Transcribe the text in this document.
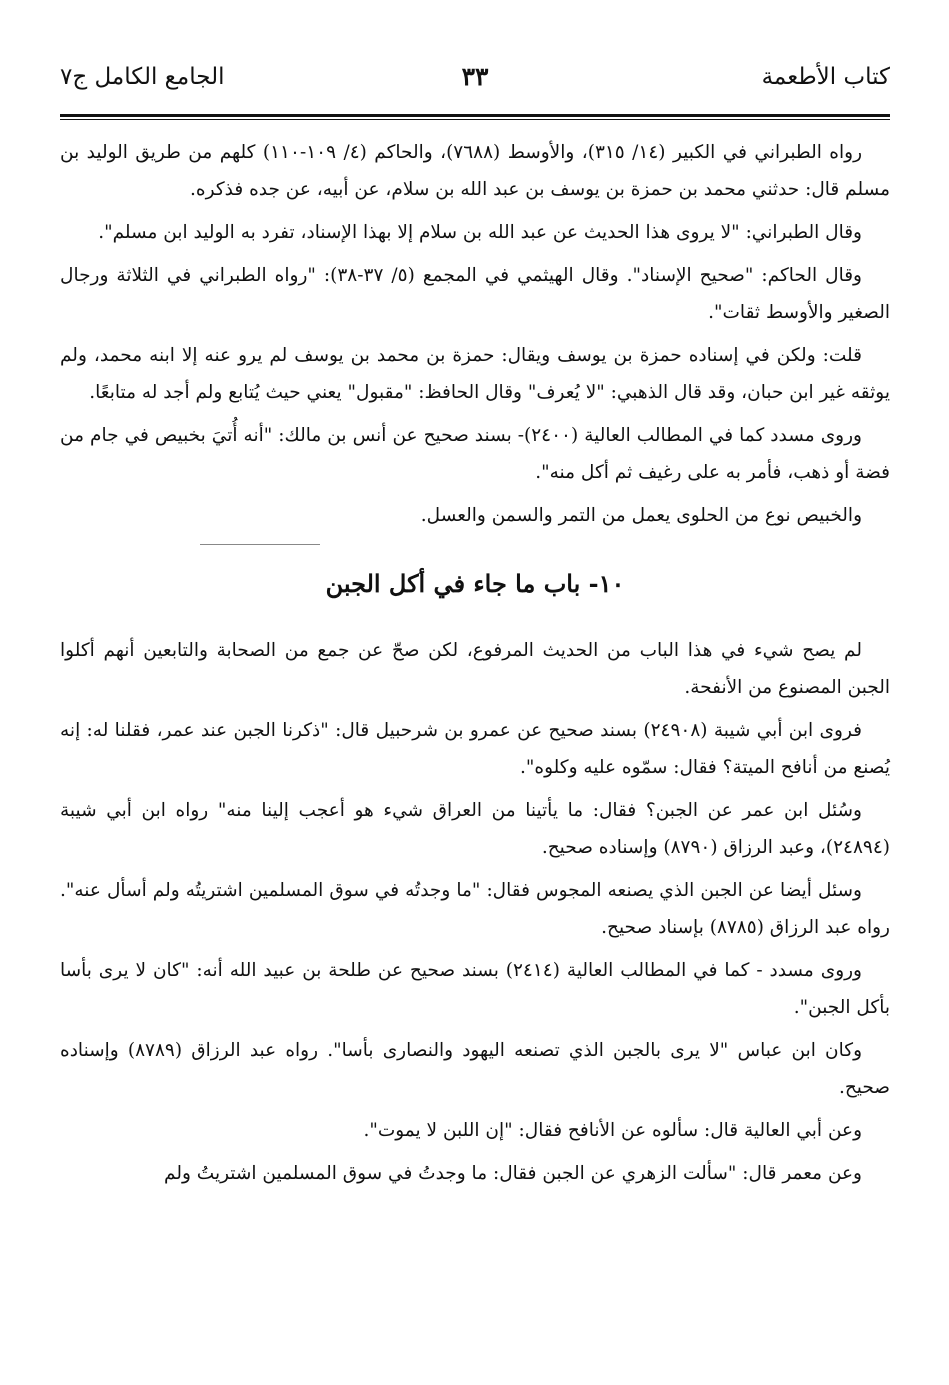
كتاب الأطعمة
٣٣
الجامع الكامل ج٧

رواه الطبراني في الكبير (١٤/ ٣١٥)، والأوسط (٧٦٨٨)، والحاكم (٤/ ١٠٩-١١٠) كلهم من طريق الوليد بن مسلم قال: حدثني محمد بن حمزة بن يوسف بن عبد الله بن سلام، عن أبيه، عن جده فذكره.

وقال الطبراني: "لا يروى هذا الحديث عن عبد الله بن سلام إلا بهذا الإسناد، تفرد به الوليد ابن مسلم".

وقال الحاكم: "صحيح الإسناد". وقال الهيثمي في المجمع (٥/ ٣٧-٣٨): "رواه الطبراني في الثلاثة ورجال الصغير والأوسط ثقات".

قلت: ولكن في إسناده حمزة بن يوسف ويقال: حمزة بن محمد بن يوسف لم يرو عنه إلا ابنه محمد، ولم يوثقه غير ابن حبان، وقد قال الذهبي: "لا يُعرف" وقال الحافظ: "مقبول" يعني حيث يُتابع ولم أجد له متابعًا.

وروى مسدد كما في المطالب العالية (٢٤٠٠)- بسند صحيح عن أنس بن مالك: "أنه أُتيَ بخبيص في جام من فضة أو ذهب، فأمر به على رغيف ثم أكل منه".

والخبيص نوع من الحلوى يعمل من التمر والسمن والعسل.

١٠- باب ما جاء في أكل الجبن

لم يصح شيء في هذا الباب من الحديث المرفوع، لكن صحّ عن جمع من الصحابة والتابعين أنهم أكلوا الجبن المصنوع من الأنفحة.

فروى ابن أبي شيبة (٢٤٩٠٨) بسند صحيح عن عمرو بن شرحبيل قال: "ذكرنا الجبن عند عمر، فقلنا له: إنه يُصنع من أنافح الميتة؟ فقال: سمّوه عليه وكلوه".

وسُئل ابن عمر عن الجبن؟ فقال: ما يأتينا من العراق شيء هو أعجب إلينا منه" رواه ابن أبي شيبة (٢٤٨٩٤)، وعبد الرزاق (٨٧٩٠) وإسناده صحيح.

وسئل أيضا عن الجبن الذي يصنعه المجوس فقال: "ما وجدتُه في سوق المسلمين اشتريتُه ولم أسأل عنه". رواه عبد الرزاق (٨٧٨٥) بإسناد صحيح.

وروى مسدد - كما في المطالب العالية (٢٤١٤) بسند صحيح عن طلحة بن عبيد الله أنه: "كان لا يرى بأسا بأكل الجبن".

وكان ابن عباس "لا يرى بالجبن الذي تصنعه اليهود والنصارى بأسا". رواه عبد الرزاق (٨٧٨٩) وإسناده صحيح.

وعن أبي العالية قال: سألوه عن الأنافح فقال: "إن اللبن لا يموت".

وعن معمر قال: "سألت الزهري عن الجبن فقال: ما وجدتُ في سوق المسلمين اشتريتُ ولم
